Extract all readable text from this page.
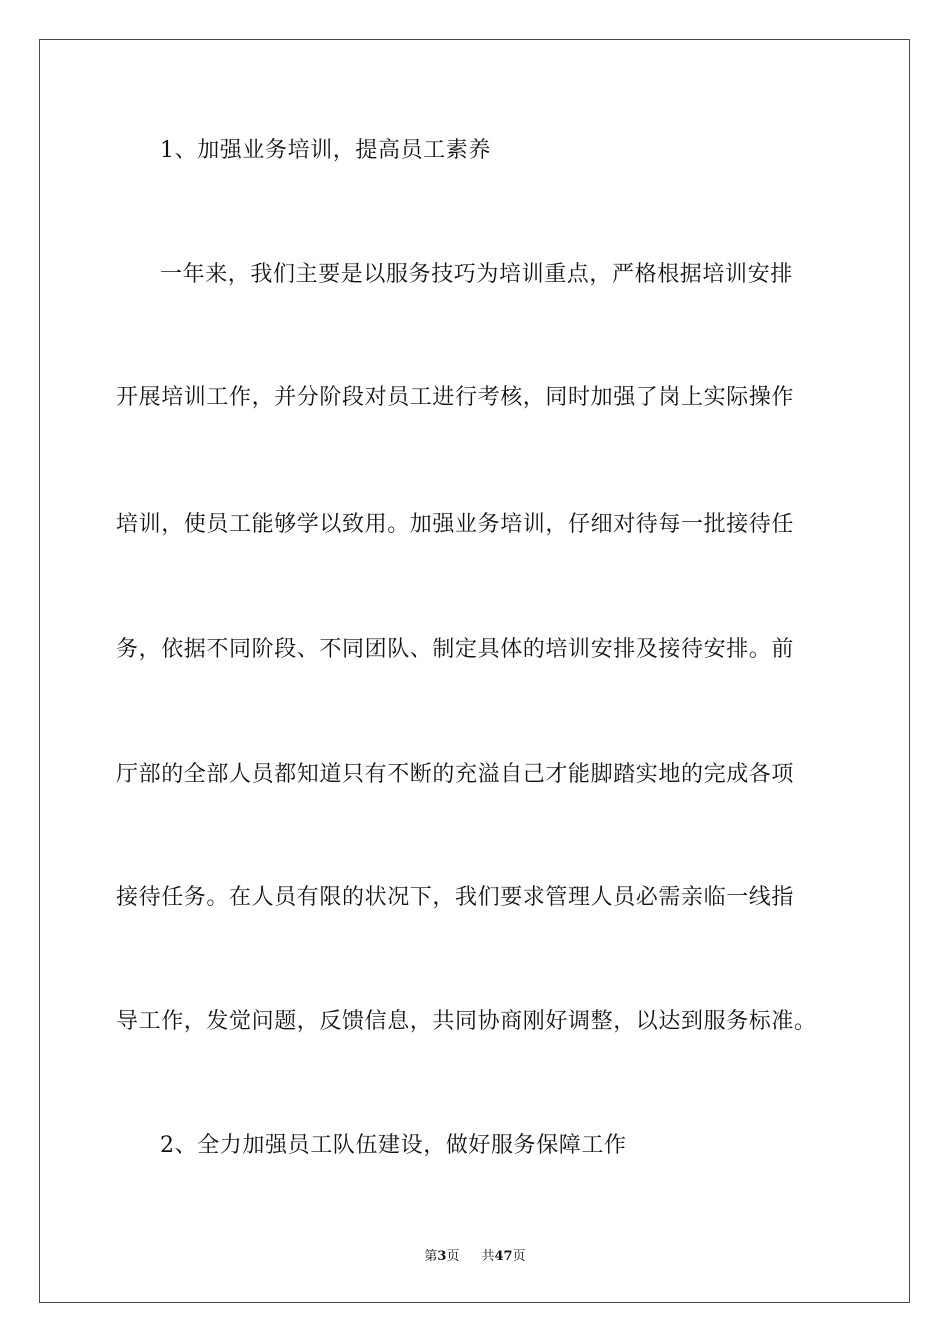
1、加强业务培训，提高员工素养
一年来，我们主要是以服务技巧为培训重点，严格根据培训安排
开展培训工作，并分阶段对员工进行考核，同时加强了岗上实际操作
培训，使员工能够学以致用。加强业务培训，仔细对待每一批接待任
务，依据不同阶段、不同团队、制定具体的培训安排及接待安排。前
厅部的全部人员都知道只有不断的充溢自己才能脚踏实地的完成各项
接待任务。在人员有限的状况下，我们要求管理人员必需亲临一线指
导工作，发觉问题，反馈信息，共同协商刚好调整，以达到服务标准。
2、全力加强员工队伍建设，做好服务保障工作
第3页 共47页
